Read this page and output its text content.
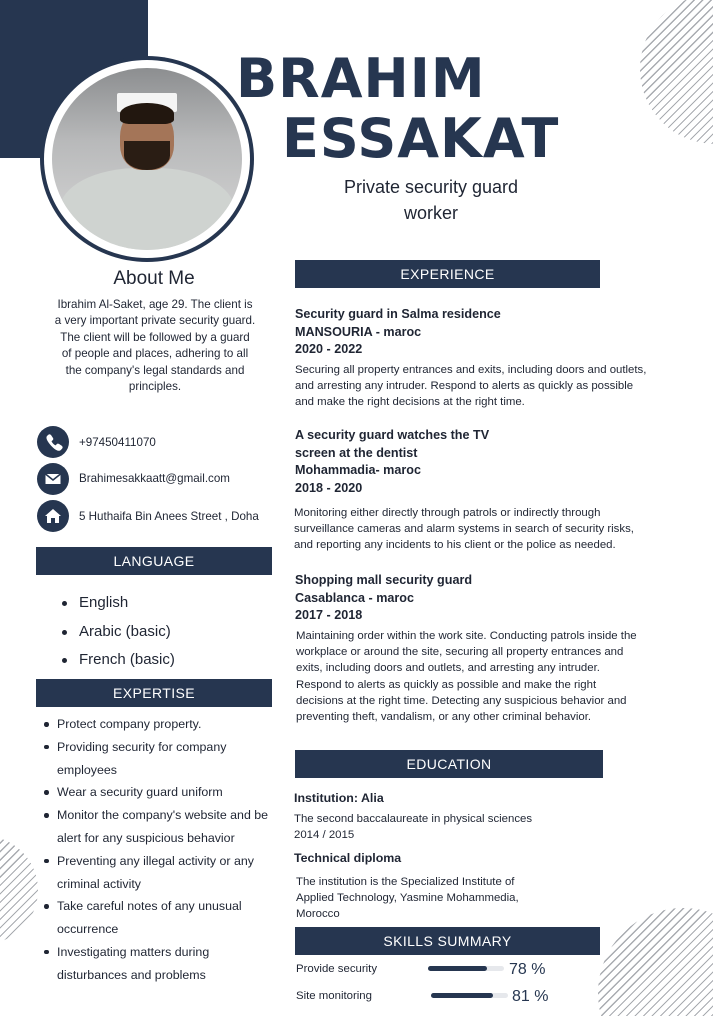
BRAHIM
ESSAKAT
Private security guard
worker
About Me
Ibrahim Al-Saket, age 29. The client is a very important private security guard. The client will be followed by a guard of people and places, adhering to all the company's legal standards and principles.
+97450411070
Brahimesakkaatt@gmail.com
5 Huthaifa Bin Anees Street , Doha
LANGUAGE
English
Arabic (basic)
French (basic)
EXPERTISE
Protect company property.
Providing security for company employees
Wear a security guard uniform
Monitor the company's website and be alert for any suspicious behavior
Preventing any illegal activity or any criminal activity
Take careful notes of any unusual occurrence
Investigating matters during disturbances and problems
EXPERIENCE
Security guard in Salma residence
MANSOURIA - maroc
2020 - 2022
Securing all property entrances and exits, including doors and outlets, and arresting any intruder. Respond to alerts as quickly as possible and make the right decisions at the right time.
A security guard watches the TV
screen at the dentist
Mohammadia- maroc
2018 - 2020
Monitoring either directly through patrols or indirectly through surveillance cameras and alarm systems in search of security risks, and reporting any incidents to his client or the police as needed.
Shopping mall security guard
Casablanca - maroc
2017 - 2018
Maintaining order within the work site. Conducting patrols inside the workplace or around the site, securing all property entrances and exits, including doors and outlets, and arresting any intruder. Respond to alerts as quickly as possible and make the right decisions at the right time. Detecting any suspicious behavior and preventing theft, vandalism, or any other criminal behavior.
EDUCATION
Institution: Alia
The second baccalaureate in physical sciences
2014 / 2015
Technical diploma
The institution is the Specialized Institute of
Applied Technology, Yasmine Mohammedia,
Morocco
SKILLS SUMMARY
Provide security	78 %
Site monitoring	81 %
